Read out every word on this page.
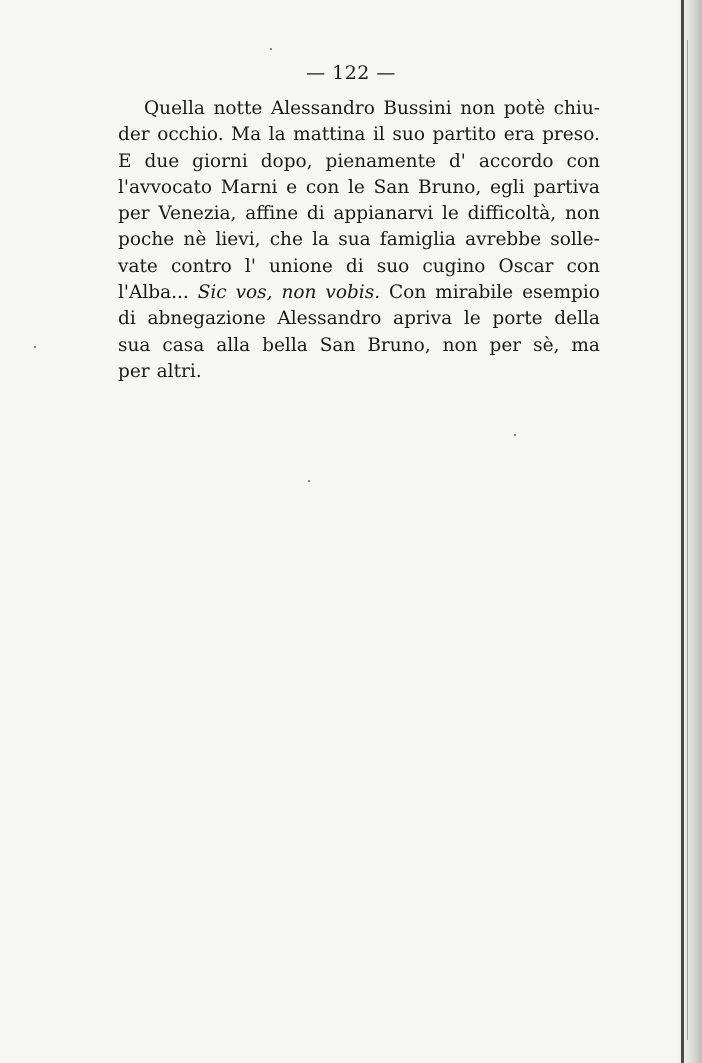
— 122 —
Quella notte Alessandro Bussini non potè chiu-
der occhio. Ma la mattina il suo partito era preso.
E due giorni dopo, pienamente d' accordo con
l'avvocato Marni e con le San Bruno, egli partiva
per Venezia, affine di appianarvi le difficoltà, non
poche nè lievi, che la sua famiglia avrebbe solle-
vate contro l' unione di suo cugino Oscar con
l'Alba... Sic vos, non vobis. Con mirabile esempio
di abnegazione Alessandro apriva le porte della
sua casa alla bella San Bruno, non per sè, ma
per altri.
